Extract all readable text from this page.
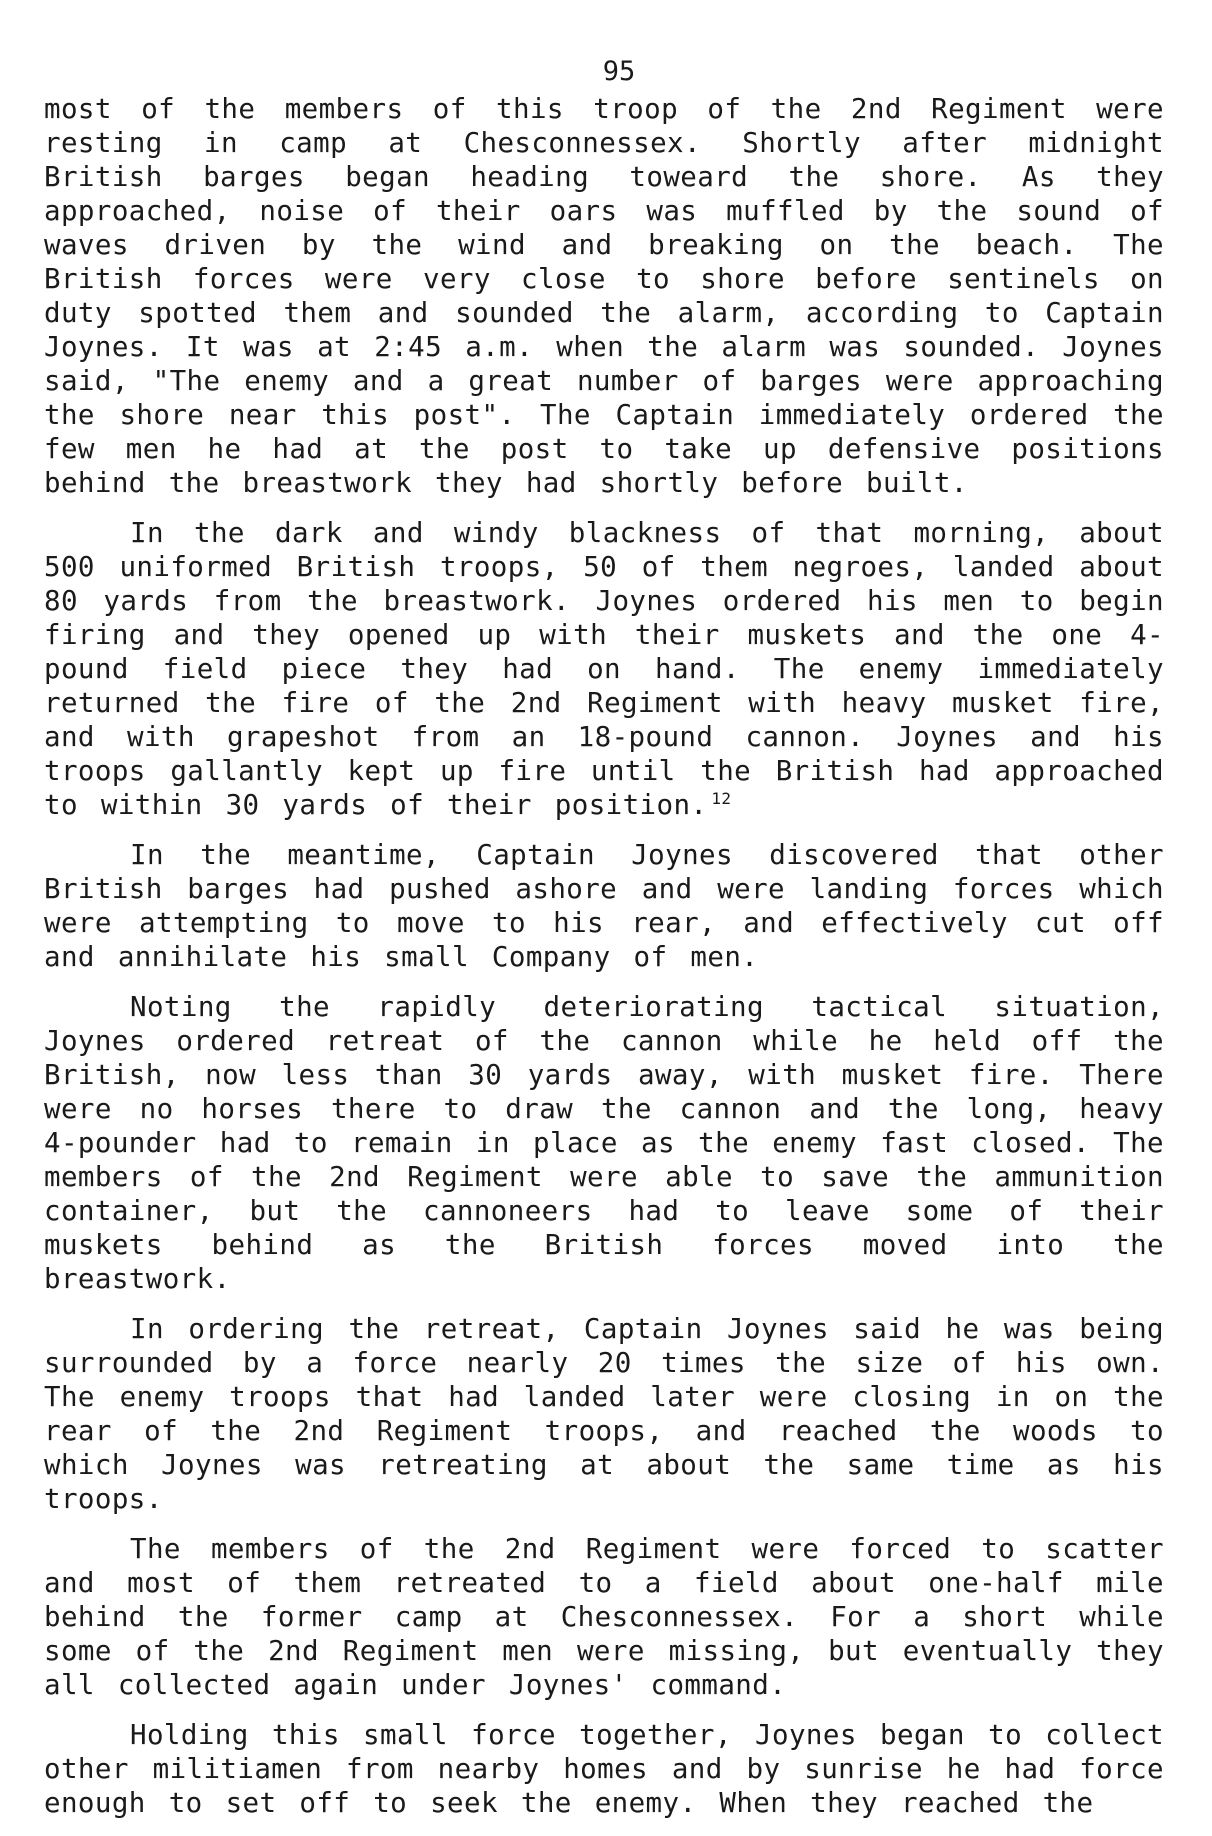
95

most of the members of this troop of the 2nd Regiment were resting in camp at Chesconnessex. Shortly after midnight British barges began heading toweard the shore. As they approached, noise of their oars was muffled by the sound of waves driven by the wind and breaking on the beach. The British forces were very close to shore before sentinels on duty spotted them and sounded the alarm, according to Captain Joynes. It was at 2:45 a.m. when the alarm was sounded. Joynes said, "The enemy and a great number of barges were approaching the shore near this post". The Captain immediately ordered the few men he had at the post to take up defensive positions behind the breastwork they had shortly before built.

In the dark and windy blackness of that morning, about 500 uniformed British troops, 50 of them negroes, landed about 80 yards from the breastwork. Joynes ordered his men to begin firing and they opened up with their muskets and the one 4-pound field piece they had on hand. The enemy immediately returned the fire of the 2nd Regiment with heavy musket fire, and with grapeshot from an 18-pound cannon. Joynes and his troops gallantly kept up fire until the British had approached to within 30 yards of their position. $^{12}$

In the meantime, Captain Joynes discovered that other British barges had pushed ashore and were landing forces which were attempting to move to his rear, and effectively cut off and annihilate his small Company of men.

Noting the rapidly deteriorating tactical situation, Joynes ordered retreat of the cannon while he held off the British, now less than 30 yards away, with musket fire. There were no horses there to draw the cannon and the long, heavy 4-pounder had to remain in place as the enemy fast closed. The members of the 2nd Regiment were able to save the ammunition container, but the cannoneers had to leave some of their muskets behind as the British forces moved into the breastwork.

In ordering the retreat, Captain Joynes said he was being surrounded by a force nearly 20 times the size of his own. The enemy troops that had landed later were closing in on the rear of the 2nd Regiment troops, and reached the woods to which Joynes was retreating at about the same time as his troops.

The members of the 2nd Regiment were forced to scatter and most of them retreated to a field about one-half mile behind the former camp at Chesconnessex. For a short while some of the 2nd Regiment men were missing, but eventually they all collected again under Joynes' command.

Holding this small force together, Joynes began to collect other militiamen from nearby homes and by sunrise he had force enough to set off to seek the enemy. When they reached the
